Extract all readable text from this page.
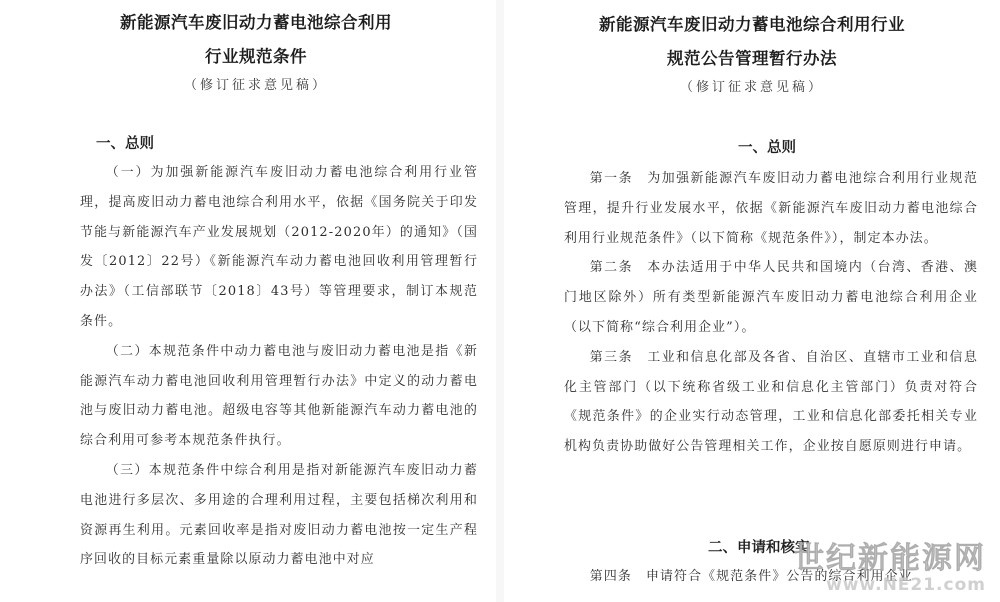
新能源汽车废旧动力蓄电池综合利用

行业规范条件

（修订征求意见稿）

一、总则

（一）为加强新能源汽车废旧动力蓄电池综合利用行业管理，提高废旧动力蓄电池综合利用水平，依据《国务院关于印发节能与新能源汽车产业发展规划（2012-2020年）的通知》（国发〔2012〕22号）《新能源汽车动力蓄电池回收利用管理暂行办法》（工信部联节〔2018〕43号）等管理要求，制订本规范条件。

（二）本规范条件中动力蓄电池与废旧动力蓄电池是指《新能源汽车动力蓄电池回收利用管理暂行办法》中定义的动力蓄电池与废旧动力蓄电池。超级电容等其他新能源汽车动力蓄电池的综合利用可参考本规范条件执行。

（三）本规范条件中综合利用是指对新能源汽车废旧动力蓄电池进行多层次、多用途的合理利用过程，主要包括梯次利用和资源再生利用。元素回收率是指对废旧动力蓄电池按一定生产程序回收的目标元素重量除以原动力蓄电池中对应

新能源汽车废旧动力蓄电池综合利用行业

规范公告管理暂行办法

（修订征求意见稿）

一、总则

第一条　为加强新能源汽车废旧动力蓄电池综合利用行业规范管理，提升行业发展水平，依据《新能源汽车废旧动力蓄电池综合利用行业规范条件》（以下简称《规范条件》），制定本办法。

第二条　本办法适用于中华人民共和国境内（台湾、香港、澳门地区除外）所有类型新能源汽车废旧动力蓄电池综合利用企业（以下简称“综合利用企业”）。

第三条　工业和信息化部及各省、自治区、直辖市工业和信息化主管部门（以下统称省级工业和信息化主管部门）负责对符合《规范条件》的企业实行动态管理，工业和信息化部委托相关专业机构负责协助做好公告管理相关工作，企业按自愿原则进行申请。

二、申请和核实

第四条　申请符合《规范条件》公告的综合利用企业

世纪新能源网
www.NE21.com
